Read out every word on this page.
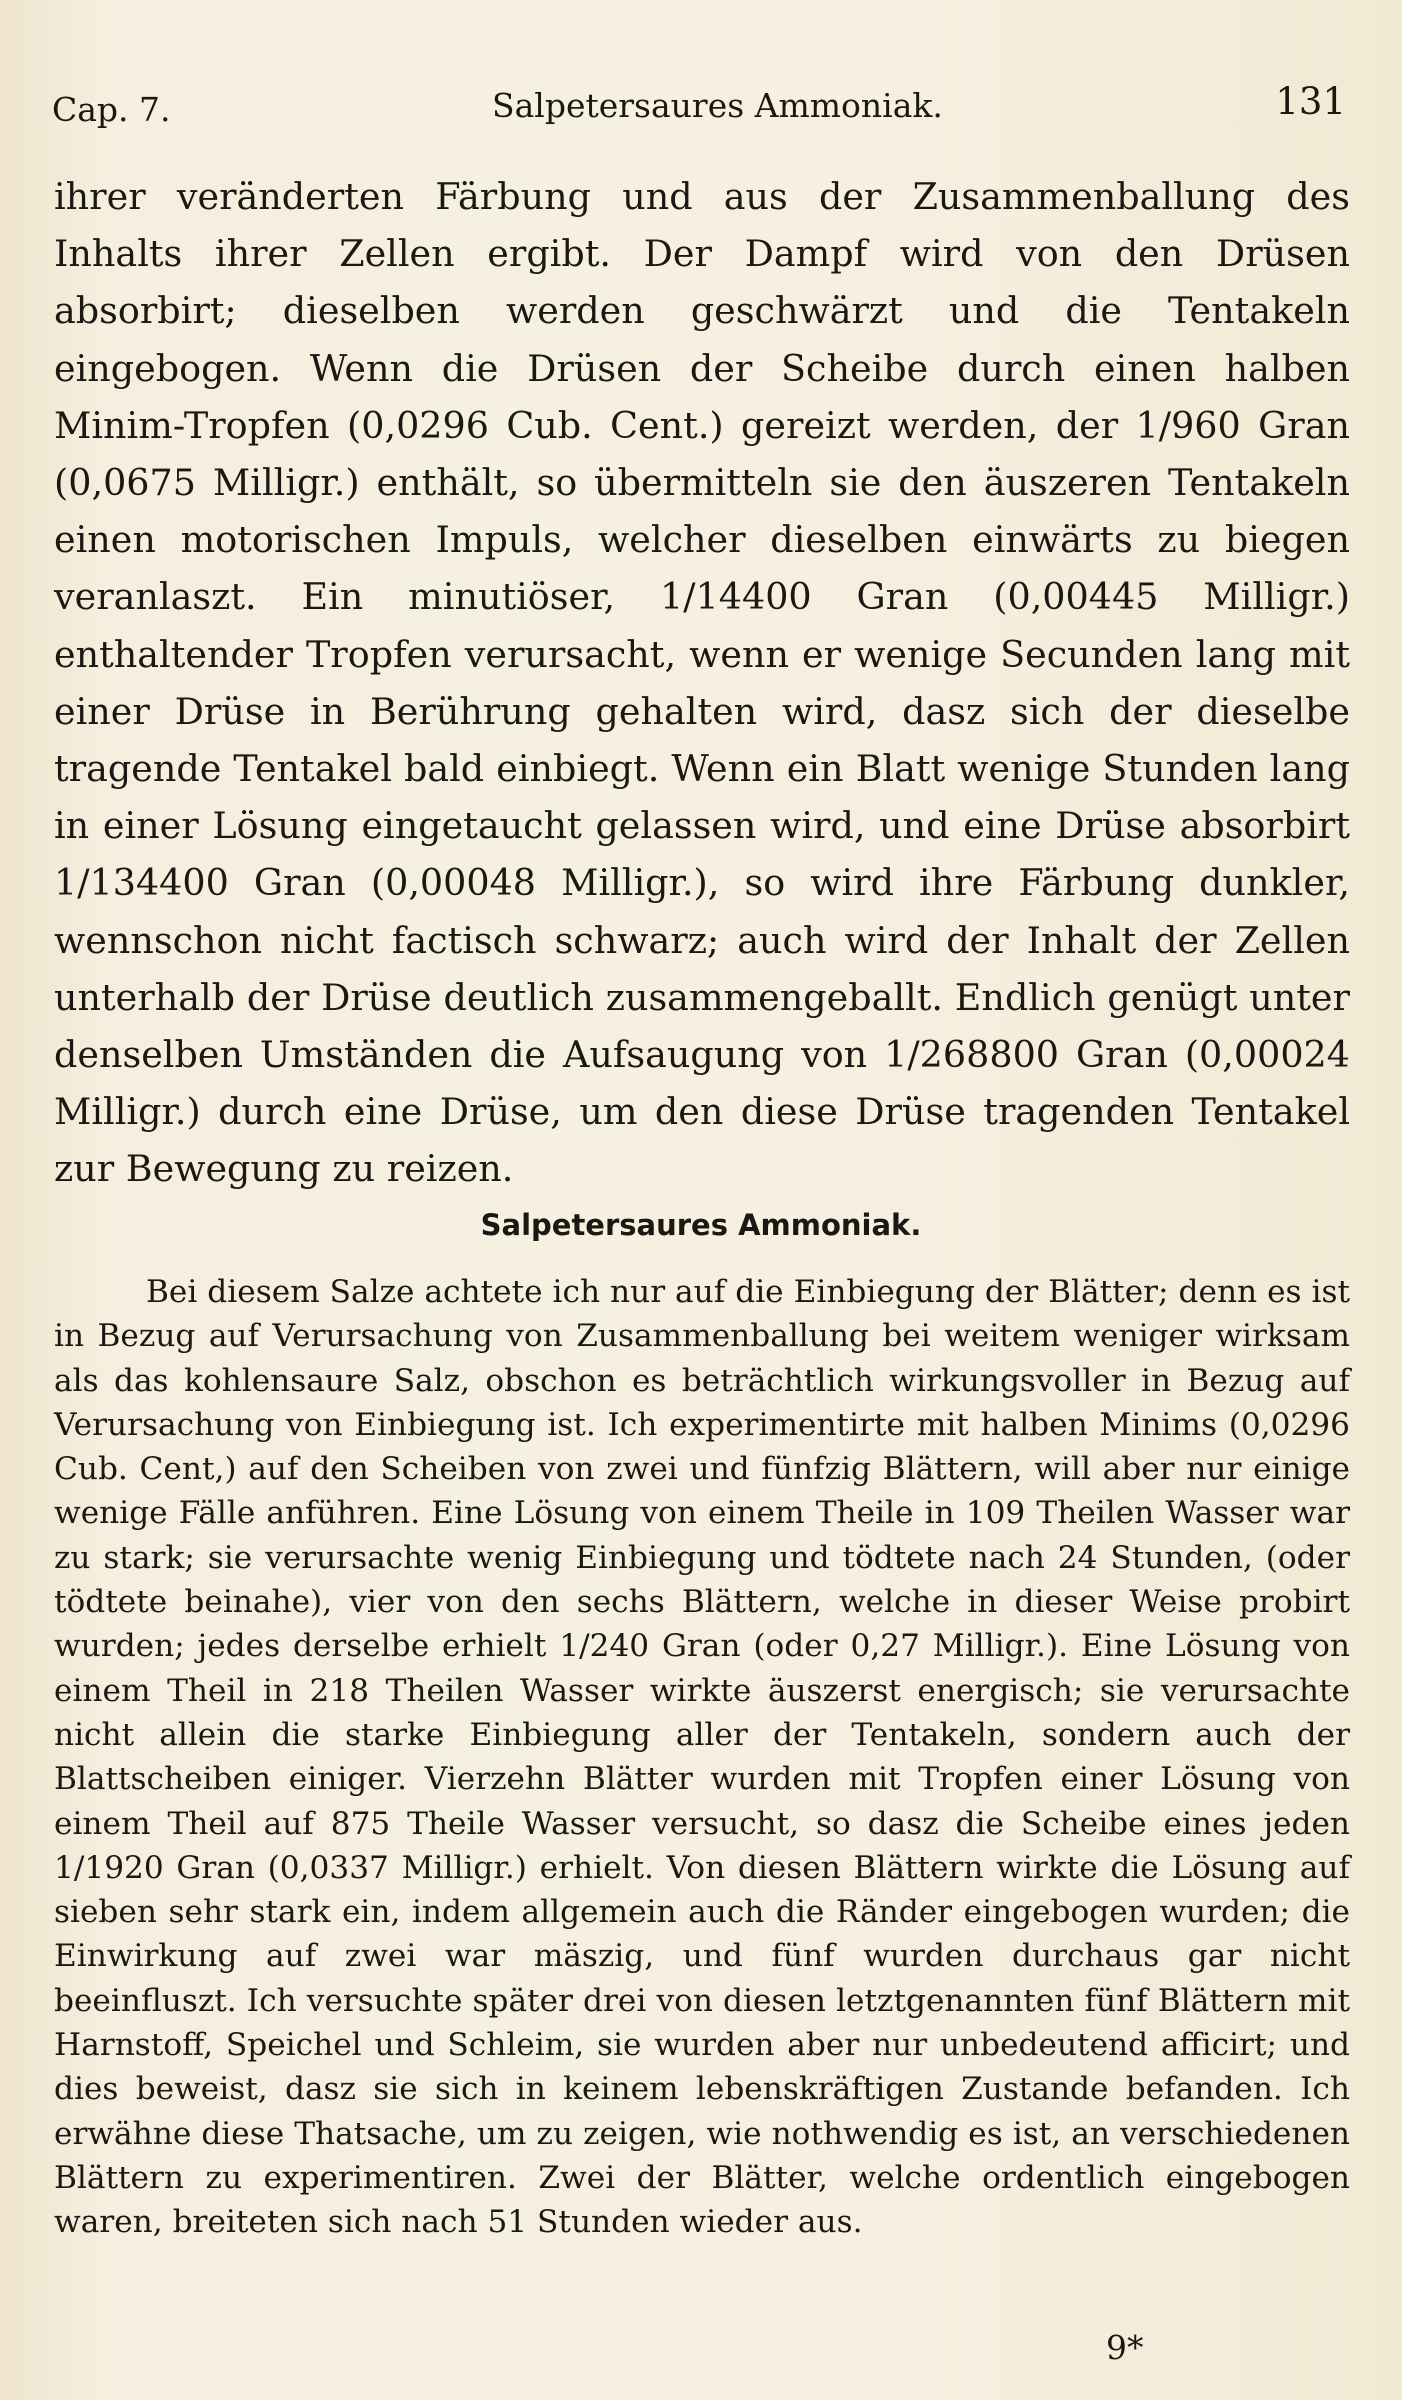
Cap. 7.	Salpetersaures Ammoniak.	131

ihrer veränderten Färbung und aus der Zusammenballung des Inhalts ihrer Zellen ergibt. Der Dampf wird von den Drüsen absorbirt; dieselben werden geschwärzt und die Tentakeln eingebogen. Wenn die Drüsen der Scheibe durch einen halben Minim-Tropfen (0,0296 Cub. Cent.) gereizt werden, der 1/960 Gran (0,0675 Milligr.) enthält, so übermitteln sie den äuszeren Tentakeln einen motorischen Impuls, welcher dieselben einwärts zu biegen veranlaszt. Ein minutiöser, 1/14400 Gran (0,00445 Milligr.) enthaltender Tropfen verursacht, wenn er wenige Secunden lang mit einer Drüse in Berührung gehalten wird, dasz sich der dieselbe tragende Tentakel bald einbiegt. Wenn ein Blatt wenige Stunden lang in einer Lösung eingetaucht gelassen wird, und eine Drüse absorbirt 1/134400 Gran (0,00048 Milligr.), so wird ihre Färbung dunkler, wennschon nicht factisch schwarz; auch wird der Inhalt der Zellen unterhalb der Drüse deutlich zusammengeballt. Endlich genügt unter denselben Umständen die Aufsaugung von 1/268800 Gran (0,00024 Milligr.) durch eine Drüse, um den diese Drüse tragenden Tentakel zur Bewegung zu reizen.

Salpetersaures Ammoniak.

Bei diesem Salze achtete ich nur auf die Einbiegung der Blätter; denn es ist in Bezug auf Verursachung von Zusammenballung bei weitem weniger wirksam als das kohlensaure Salz, obschon es beträchtlich wirkungsvoller in Bezug auf Verursachung von Einbiegung ist. Ich experimentirte mit halben Minims (0,0296 Cub. Cent,) auf den Scheiben von zwei und fünfzig Blättern, will aber nur einige wenige Fälle anführen. Eine Lösung von einem Theile in 109 Theilen Wasser war zu stark; sie verursachte wenig Einbiegung und tödtete nach 24 Stunden, (oder tödtete beinahe), vier von den sechs Blättern, welche in dieser Weise probirt wurden; jedes derselbe erhielt 1/240 Gran (oder 0,27 Milligr.). Eine Lösung von einem Theil in 218 Theilen Wasser wirkte äuszerst energisch; sie verursachte nicht allein die starke Einbiegung aller der Tentakeln, sondern auch der Blattscheiben einiger. Vierzehn Blätter wurden mit Tropfen einer Lösung von einem Theil auf 875 Theile Wasser versucht, so dasz die Scheibe eines jeden 1/1920 Gran (0,0337 Milligr.) erhielt. Von diesen Blättern wirkte die Lösung auf sieben sehr stark ein, indem allgemein auch die Ränder eingebogen wurden; die Einwirkung auf zwei war mäszig, und fünf wurden durchaus gar nicht beeinfluszt. Ich versuchte später drei von diesen letztgenannten fünf Blättern mit Harnstoff, Speichel und Schleim, sie wurden aber nur unbedeutend afficirt; und dies beweist, dasz sie sich in keinem lebenskräftigen Zustande befanden. Ich erwähne diese Thatsache, um zu zeigen, wie nothwendig es ist, an verschiedenen Blättern zu experimentiren. Zwei der Blätter, welche ordentlich eingebogen waren, breiteten sich nach 51 Stunden wieder aus.

9*
